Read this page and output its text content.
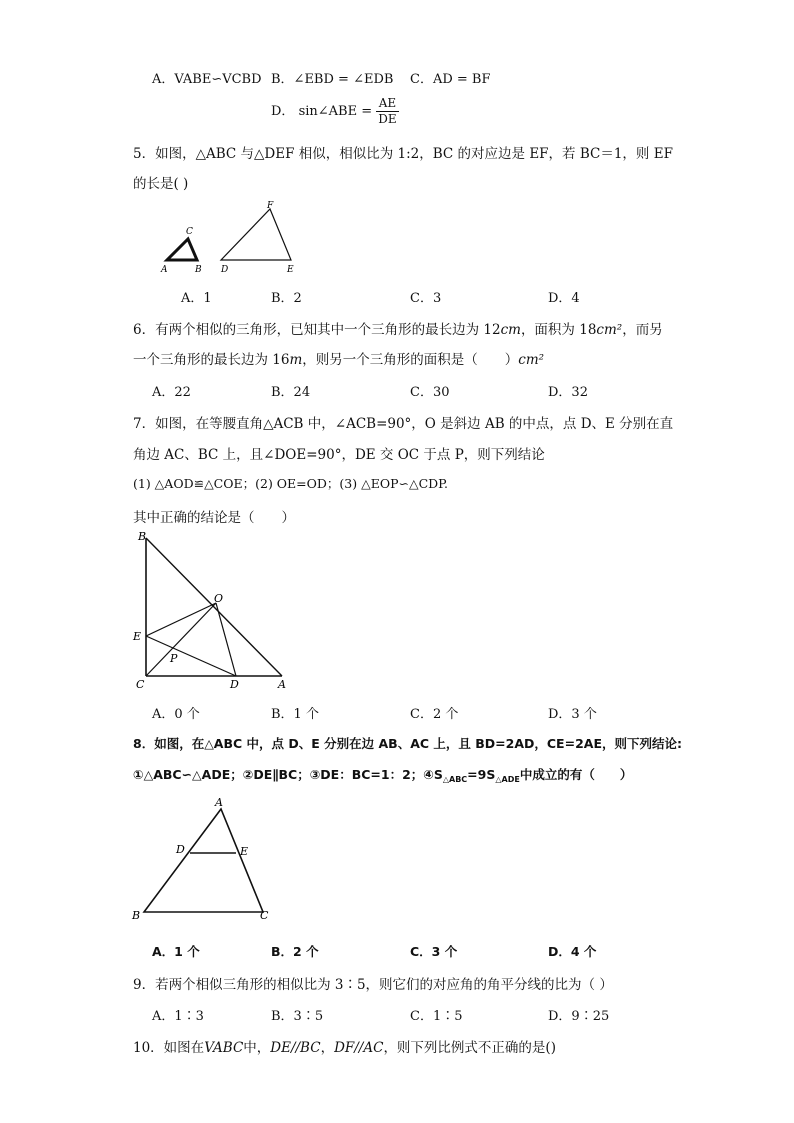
A．VABE∽VCBD B．∠EBD = ∠EDB C．AD = BF
D． sin∠ABE = $\frac{AE}{DE}$
5．如图，△ABC 与△DEF 相似，相似比为 1:2，BC 的对应边是 EF，若 BC＝1，则 EF
的长是( )
A	B
C
D	E
F
A．1	B．2	C．3	D．4
6．有两个相似的三角形，已知其中一个三角形的最长边为 12cm，面积为 18cm²，而另
一个三角形的最长边为 16m，则另一个三角形的面积是（　　）cm²
A．22	B．24	C．30	D．32
7．如图，在等腰直角△ACB 中，∠ACB=90°，O 是斜边 AB 的中点，点 D、E 分别在直
角边 AC、BC 上，且∠DOE=90°，DE 交 OC 于点 P，则下列结论
(1) △AOD≌△COE；(2) OE=OD；(3) △EOP∽△CDP.
其中正确的结论是（　　）
B
O
E
P
C	D	A
A．0 个	B．1 个	C．2 个	D．3 个
8．如图，在△ABC 中，点 D、E 分别在边 AB、AC 上，且 BD=2AD，CE=2AE，则下列结论:
①△ABC∽△ADE；②DE∥BC；③DE：BC=1：2；$④S_{\triangle ABC}=9S_{\triangle ADE}$中成立的有（　　）
A
D	E
B	C
A．1 个	B．2 个	C．3 个	D．4 个
9．若两个相似三角形的相似比为 3∶5，则它们的对应角的角平分线的比为（ ）
A．1∶3	B．3∶5	C．1∶5	D．9∶25
10．如图在VABC中，DE//BC，DF//AC，则下列比例式不正确的是()
